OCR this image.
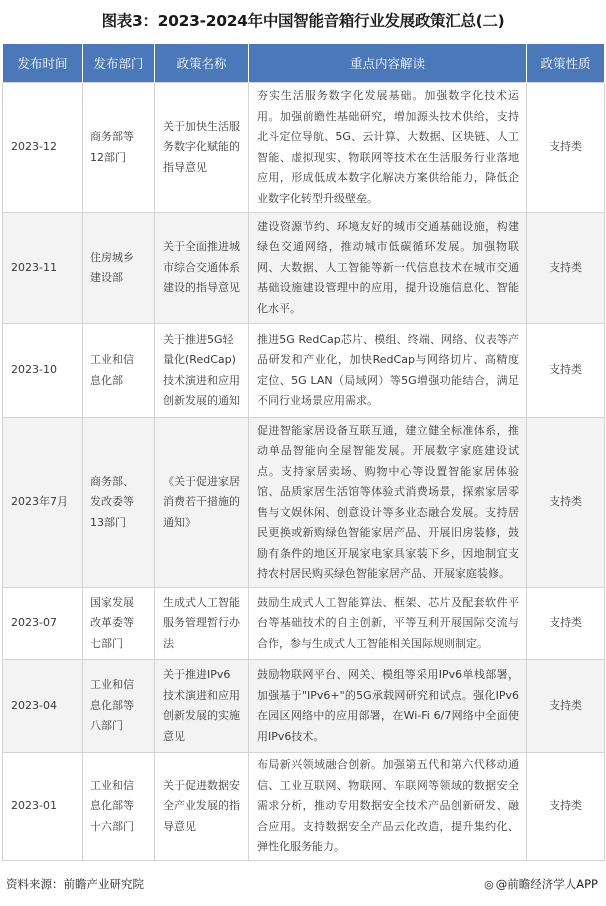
图表3：2023-2024年中国智能音箱行业发展政策汇总(二)
发布时间	发布部门	政策名称	重点内容解读	政策性质
2023-12	商务部等12部门	关于加快生活服务数字化赋能的指导意见	夯实生活服务数字化发展基础。加强数字化技术运用。加强前瞻性基础研究，增加源头技术供给，支持北斗定位导航、5G、云计算、大数据、区块链、人工智能、虚拟现实、物联网等技术在生活服务行业落地应用，形成低成本数字化解决方案供给能力，降低企业数字化转型升级壁垒。	支持类
2023-11	住房城乡建设部	关于全面推进城市综合交通体系建设的指导意见	建设资源节约、环境友好的城市交通基础设施，构建绿色交通网络，推动城市低碳循环发展。加强物联网、大数据、人工智能等新一代信息技术在城市交通基础设施建设管理中的应用，提升设施信息化、智能化水平。	支持类
2023-10	工业和信息化部	关于推进5G轻量化(RedCap)技术演进和应用创新发展的通知	推进5G RedCap芯片、模组、终端、网络、仪表等产品研发和产业化，加快RedCap与网络切片、高精度定位、5G LAN（局域网）等5G增强功能结合，满足不同行业场景应用需求。	支持类
2023年7月	商务部、发改委等13部门	《关于促进家居消费若干措施的通知》	促进智能家居设备互联互通，建立健全标准体系，推动单品智能向全屋智能发展。开展数字家庭建设试点。支持家居卖场、购物中心等设置智能家居体验馆、品质家居生活馆等体验式消费场景，探索家居零售与文娱休闲、创意设计等多业态融合发展。支持居民更换或新购绿色智能家居产品、开展旧房装修，鼓励有条件的地区开展家电家具家装下乡，因地制宜支持农村居民购买绿色智能家居产品、开展家庭装修。	支持类
2023-07	国家发展改革委等七部门	生成式人工智能服务管理暂行办法	鼓励生成式人工智能算法、框架、芯片及配套软件平台等基础技术的自主创新，平等互利开展国际交流与合作，参与生成式人工智能相关国际规则制定。	支持类
2023-04	工业和信息化部等八部门	关于推进IPv6技术演进和应用创新发展的实施意见	鼓励物联网平台、网关、模组等采用IPv6单栈部署，加强基于"IPv6+"的5G承载网研究和试点。强化IPv6在园区网络中的应用部署，在Wi-Fi 6/7网络中全面使用IPv6技术。	支持类
2023-01	工业和信息化部等十六部门	关于促进数据安全产业发展的指导意见	布局新兴领域融合创新。加强第五代和第六代移动通信、工业互联网、物联网、车联网等领域的数据安全需求分析，推动专用数据安全技术产品创新研发、融合应用。支持数据安全产品云化改造，提升集约化、弹性化服务能力。	支持类
资料来源：前瞻产业研究院	◎ @前瞻经济学人APP
